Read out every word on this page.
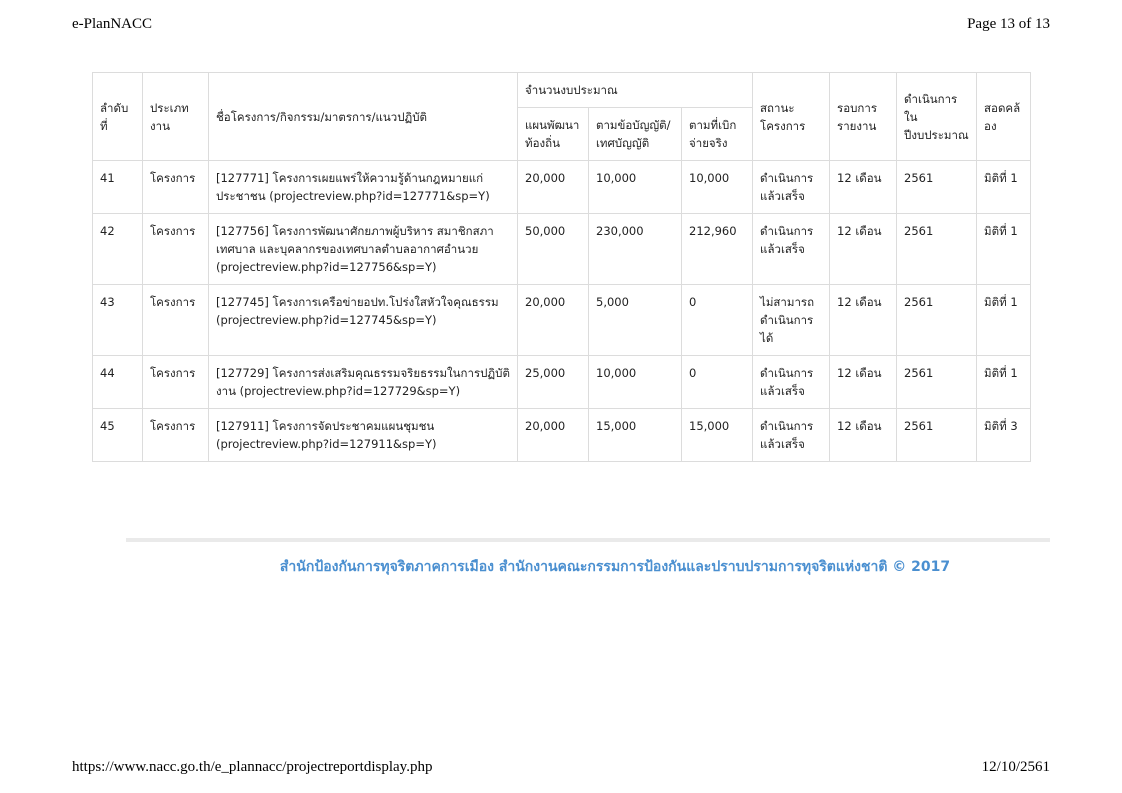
e-PlanNACC	Page 13 of 13
ลำดับที่	ประเภทงาน	ชื่อโครงการ/กิจกรรม/มาตรการ/แนวปฏิบัติ	จำนวนงบประมาณ			สถานะโครงการ	รอบการรายงาน	ดำเนินการในปีงบประมาณ	สอดคล้อง
			แผนพัฒนาท้องถิ่น	ตามข้อบัญญัติ/เทศบัญญัติ	ตามที่เบิกจ่ายจริง				
41	โครงการ	[127771] โครงการเผยแพร่ให้ความรู้ด้านกฎหมายแก่ประชาชน (projectreview.php?id=127771&sp=Y)	20,000	10,000	10,000	ดำเนินการแล้วเสร็จ	12 เดือน	2561	มิติที่ 1
42	โครงการ	[127756] โครงการพัฒนาศักยภาพผู้บริหาร สมาชิกสภาเทศบาล และบุคลากรของเทศบาลตำบลอากาศอำนวย (projectreview.php?id=127756&sp=Y)	50,000	230,000	212,960	ดำเนินการแล้วเสร็จ	12 เดือน	2561	มิติที่ 1
43	โครงการ	[127745] โครงการเครือข่ายอปท.โปร่งใสหัวใจคุณธรรม (projectreview.php?id=127745&sp=Y)	20,000	5,000	0	ไม่สามารถดำเนินการได้	12 เดือน	2561	มิติที่ 1
44	โครงการ	[127729] โครงการส่งเสริมคุณธรรมจริยธรรมในการปฏิบัติงาน (projectreview.php?id=127729&sp=Y)	25,000	10,000	0	ดำเนินการแล้วเสร็จ	12 เดือน	2561	มิติที่ 1
45	โครงการ	[127911] โครงการจัดประชาคมแผนชุมชน (projectreview.php?id=127911&sp=Y)	20,000	15,000	15,000	ดำเนินการแล้วเสร็จ	12 เดือน	2561	มิติที่ 3
สำนักป้องกันการทุจริตภาคการเมือง สำนักงานคณะกรรมการป้องกันและปราบปรามการทุจริตแห่งชาติ © 2017
https://www.nacc.go.th/e_plannacc/projectreportdisplay.php	12/10/2561
